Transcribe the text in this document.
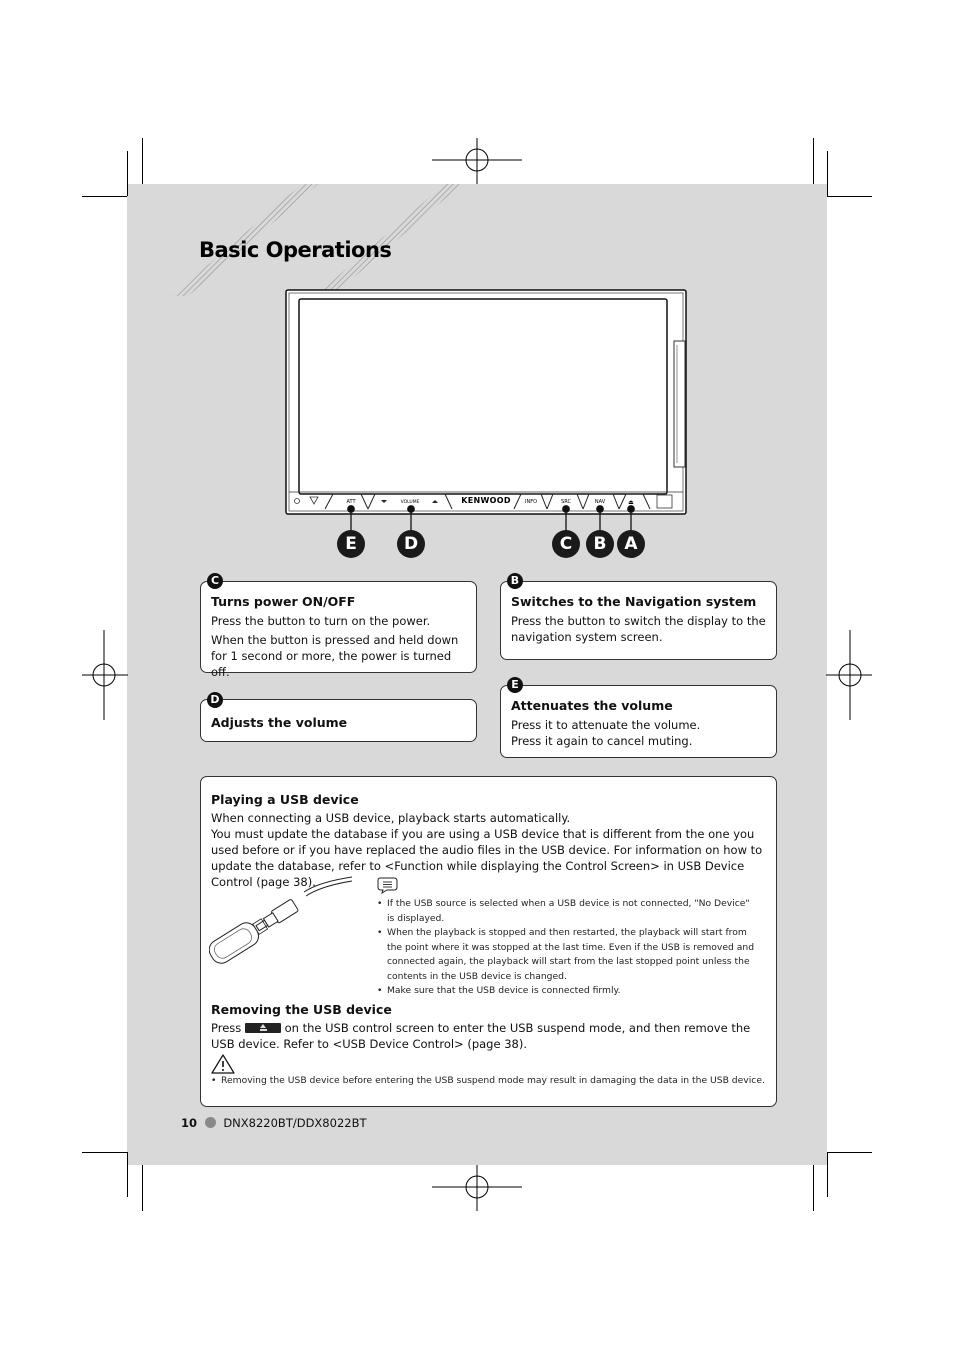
Basic Operations
ATT	VOLUME	KENWOOD	INFO	SRC	NAV	⏏
E	D	C	B	A
Turns power ON/OFF

Press the button to turn on the power.

When the button is pressed and held down for 1 second or more, the power is turned off.

C
Switches to the Navigation system

Press the button to switch the display to the navigation system screen.

B
Adjusts the volume
D	Attenuates the volume

Press it to attenuate the volume.

Press it again to cancel muting.

E
Playing a USB device
When connecting a USB device, playback starts automatically.
You must update the database if you are using a USB device that is different from the one you used before or if you have replaced the audio files in the USB device. For information on how to update the database, refer to <Function while displaying the Control Screen> in USB Device Control (page 38).
• If the USB source is selected when a USB device is not connected, "No Device" is displayed.
• When the playback is stopped and then restarted, the playback will start from the point where it was stopped at the last time. Even if the USB is removed and connected again, the playback will start from the last stopped point unless the contents in the USB device is changed.
• Make sure that the USB device is connected firmly.
Removing the USB device
Press	on the USB control screen to enter the USB suspend mode, and then remove the USB device. Refer to <USB Device Control> (page 38).
• Removing the USB device before entering the USB suspend mode may result in damaging the data in the USB device.
10 DNX8220BT/DDX8022BT
